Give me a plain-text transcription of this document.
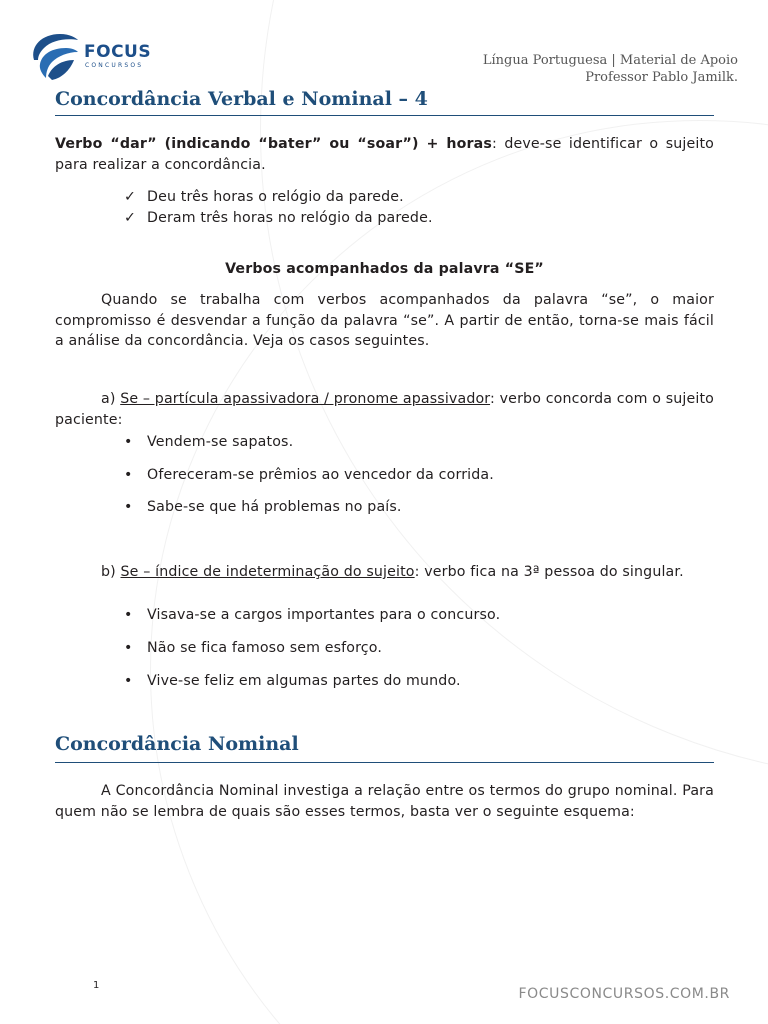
FOCUS
CONCURSOS	Língua Portuguesa | Material de Apoio
Professor Pablo Jamilk.
Concordância Verbal e Nominal – 4

Verbo “dar” (indicando “bater” ou “soar”) + horas: deve-se identificar o sujeito para realizar a concordância.

✓ Deu três horas o relógio da parede.
✓ Deram três horas no relógio da parede.
Verbos acompanhados da palavra “SE”

Quando se trabalha com verbos acompanhados da palavra “se”, o maior compromisso é desvendar a função da palavra “se”. A partir de então, torna-se mais fácil a análise da concordância. Veja os casos seguintes.

a) Se – partícula apassivadora / pronome apassivador: verbo concorda com o sujeito paciente:

•	Vendem-se sapatos.
•	Ofereceram-se prêmios ao vencedor da corrida.
•	Sabe-se que há problemas no país.

b) Se – índice de indeterminação do sujeito: verbo fica na 3ª pessoa do singular.

•	Visava-se a cargos importantes para o concurso.
•	Não se fica famoso sem esforço.
•	Vive-se feliz em algumas partes do mundo.
Concordância Nominal

A Concordância Nominal investiga a relação entre os termos do grupo nominal. Para quem não se lembra de quais são esses termos, basta ver o seguinte esquema:

1
FOCUSCONCURSOS.COM.BR
